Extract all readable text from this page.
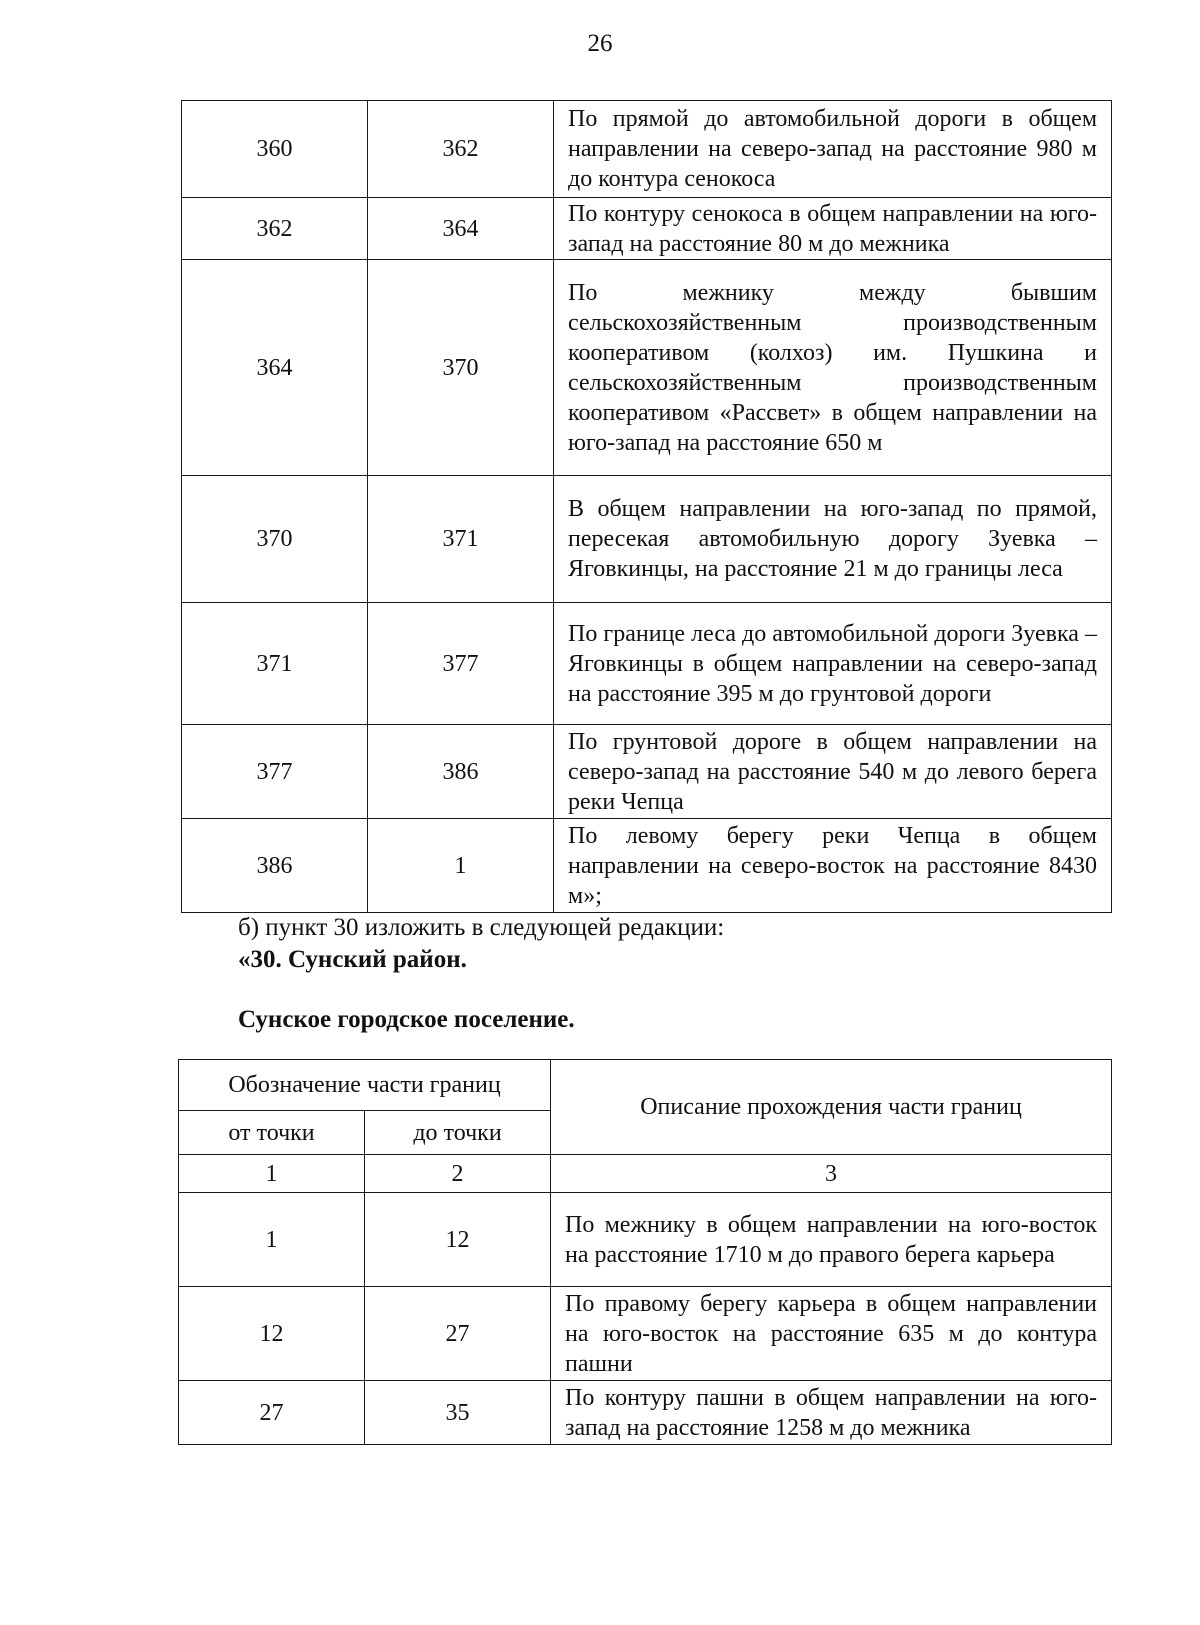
26
360	362	По прямой до автомобильной дороги в общем направлении на северо-запад на расстояние 980 м до контура сенокоса
362	364	По контуру сенокоса в общем направлении на юго-запад на расстояние 80 м до межника
364	370	По межнику между бывшим сельскохозяйственным производственным кооперативом (колхоз) им. Пушкина и сельскохозяйственным производственным кооперативом «Рассвет» в общем направлении на юго-запад на расстояние 650 м
370	371	В общем направлении на юго-запад по прямой, пересекая автомобильную дорогу Зуевка – Яговкинцы, на расстояние 21 м до границы леса
371	377	По границе леса до автомобильной дороги Зуевка – Яговкинцы в общем направлении на северо-запад на расстояние 395 м до грунтовой дороги
377	386	По грунтовой дороге в общем направлении на северо-запад на расстояние 540 м до левого берега реки Чепца
386	1	По левому берегу реки Чепца в общем направлении на северо-восток на расстояние 8430 м»;

б) пункт 30 изложить в следующей редакции:

«30. Сунский район.

Сунское городское поселение.

Обозначение части границ		Описание прохождения части границ
от точки	до точки	
1	2	3
1	12	По межнику в общем направлении на юго-восток на расстояние 1710 м до правого берега карьера
12	27	По правому берегу карьера в общем направлении на юго-восток на расстояние 635 м до контура пашни
27	35	По контуру пашни в общем направлении на юго-запад на расстояние 1258 м до межника
